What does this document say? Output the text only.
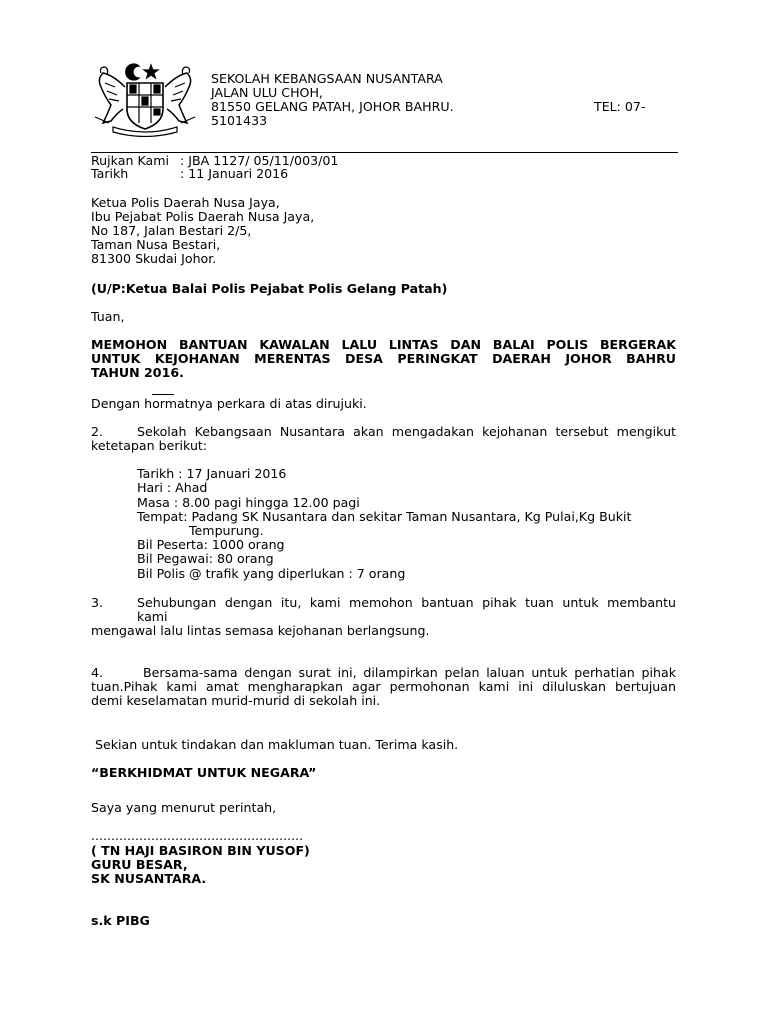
SEKOLAH KEBANGSAAN NUSANTARA
JALAN ULU CHOH,
81550 GELANG PATAH, JOHOR BAHRU.	TEL: 07-
5101433
Rujkan Kami : JBA 1127/ 05/11/003/01
Tarikh	: 11 Januari 2016
Ketua Polis Daerah Nusa Jaya,
Ibu Pejabat Polis Daerah Nusa Jaya,
No 187, Jalan Bestari 2/5,
Taman Nusa Bestari,
81300 Skudai Johor.
(U/P:Ketua Balai Polis Pejabat Polis Gelang Patah)
Tuan,
MEMOHON BANTUAN KAWALAN LALU LINTAS DAN BALAI POLIS BERGERAK
UNTUK KEJOHANAN MERENTAS DESA PERINGKAT DAERAH JOHOR BAHRU
TAHUN 2016.
Dengan hormatnya perkara di atas dirujuki.
2.	Sekolah Kebangsaan Nusantara akan mengadakan kejohanan tersebut mengikut
ketetapan berikut:
Tarikh : 17 Januari 2016
Hari : Ahad
Masa : 8.00 pagi hingga 12.00 pagi
Tempat: Padang SK Nusantara dan sekitar Taman Nusantara, Kg Pulai,Kg Bukit
Tempurung.
Bil Peserta: 1000 orang
Bil Pegawai: 80 orang
Bil Polis @ trafik yang diperlukan : 7 orang
3.	Sehubungan dengan itu, kami memohon bantuan pihak tuan untuk membantu
kami
mengawal lalu lintas semasa kejohanan berlangsung.
4.	Bersama-sama dengan surat ini, dilampirkan pelan laluan untuk perhatian pihak
tuan.Pihak kami amat mengharapkan agar permohonan kami ini diluluskan bertujuan
demi keselamatan murid-murid di sekolah ini.
Sekian untuk tindakan dan makluman tuan. Terima kasih.
“BERKHIDMAT UNTUK NEGARA”
Saya yang menurut perintah,
.....................................................
( TN HAJI BASIRON BIN YUSOF)
GURU BESAR,
SK NUSANTARA.
s.k PIBG
